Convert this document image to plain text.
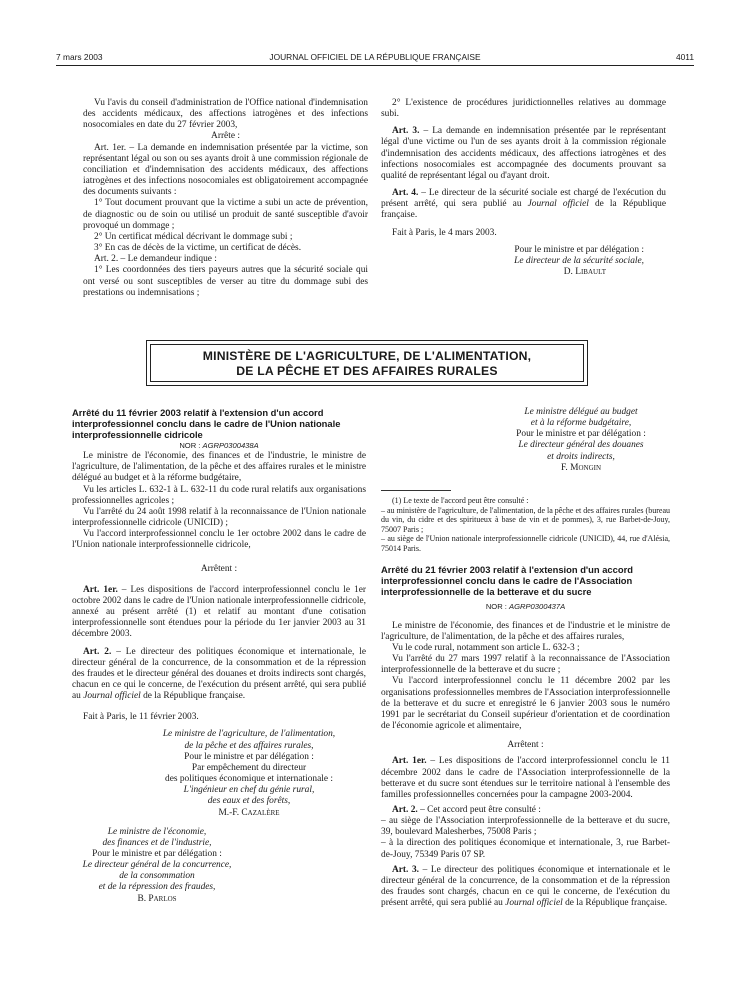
7 mars 2003	JOURNAL OFFICIEL DE LA RÉPUBLIQUE FRANÇAISE	4011

Vu l'avis du conseil d'administration de l'Office national d'indemnisation des accidents médicaux, des affections iatrogènes et des infections nosocomiales en date du 27 février 2003,

Arrête :

Art. 1er. – La demande en indemnisation présentée par la victime, son représentant légal ou son ou ses ayants droit à une commission régionale de conciliation et d'indemnisation des accidents médicaux, des affections iatrogènes et des infections nosocomiales est obligatoirement accompagnée des documents suivants :

1° Tout document prouvant que la victime a subi un acte de prévention, de diagnostic ou de soin ou utilisé un produit de santé susceptible d'avoir provoqué un dommage ;

2° Un certificat médical décrivant le dommage subi ;

3° En cas de décès de la victime, un certificat de décès.

Art. 2. – Le demandeur indique :

1° Les coordonnées des tiers payeurs autres que la sécurité sociale qui ont versé ou sont susceptibles de verser au titre du dommage subi des prestations ou indemnisations ;

2° L'existence de procédures juridictionnelles relatives au dommage subi.

Art. 3. – La demande en indemnisation présentée par le représentant légal d'une victime ou l'un de ses ayants droit à la commission régionale d'indemnisation des accidents médicaux, des affections iatrogènes et des infections nosocomiales est accompagnée des documents prouvant sa qualité de représentant légal ou d'ayant droit.

Art. 4. – Le directeur de la sécurité sociale est chargé de l'exécution du présent arrêté, qui sera publié au Journal officiel de la République française.

Fait à Paris, le 4 mars 2003.

Pour le ministre et par délégation :

Le directeur de la sécurité sociale,

D. Libault

MINISTÈRE DE L'AGRICULTURE, DE L'ALIMENTATION,
DE LA PÊCHE ET DES AFFAIRES RURALES

Arrêté du 11 février 2003 relatif à l'extension d'un accord interprofessionnel conclu dans le cadre de l'Union nationale interprofessionnelle cidricole

NOR : AGRP0300438A

Le ministre de l'économie, des finances et de l'industrie, le ministre de l'agriculture, de l'alimentation, de la pêche et des affaires rurales et le ministre délégué au budget et à la réforme budgétaire,

Vu les articles L. 632-1 à L. 632-11 du code rural relatifs aux organisations professionnelles agricoles ;

Vu l'arrêté du 24 août 1998 relatif à la reconnaissance de l'Union nationale interprofessionnelle cidricole (UNICID) ;

Vu l'accord interprofessionnel conclu le 1er octobre 2002 dans le cadre de l'Union nationale interprofessionnelle cidricole,

Arrêtent :

Art. 1er. – Les dispositions de l'accord interprofessionnel conclu le 1er octobre 2002 dans le cadre de l'Union nationale interprofessionnelle cidricole, annexé au présent arrêté (1) et relatif au montant d'une cotisation interprofessionnelle sont étendues pour la période du 1er janvier 2003 au 31 décembre 2003.

Art. 2. – Le directeur des politiques économique et internationale, le directeur général de la concurrence, de la consommation et de la répression des fraudes et le directeur général des douanes et droits indirects sont chargés, chacun en ce qui le concerne, de l'exécution du présent arrêté, qui sera publié au Journal officiel de la République française.

Fait à Paris, le 11 février 2003.

Le ministre de l'agriculture, de l'alimentation,

de la pêche et des affaires rurales,

Pour le ministre et par délégation :

Par empêchement du directeur

des politiques économique et internationale :

L'ingénieur en chef du génie rural,

des eaux et des forêts,

M.-F. Cazalère

Le ministre de l'économie,

des finances et de l'industrie,

Pour le ministre et par délégation :

Le directeur général de la concurrence,

de la consommation

et de la répression des fraudes,

B. Parlos

Le ministre délégué au budget

et à la réforme budgétaire,

Pour le ministre et par délégation :

Le directeur général des douanes

et droits indirects,

F. Mongin

(1) Le texte de l'accord peut être consulté :

– au ministère de l'agriculture, de l'alimentation, de la pêche et des affaires rurales (bureau du vin, du cidre et des spiritueux à base de vin et de pommes), 3, rue Barbet-de-Jouy, 75007 Paris ;

– au siège de l'Union nationale interprofessionnelle cidricole (UNICID), 44, rue d'Alésia, 75014 Paris.

Arrêté du 21 février 2003 relatif à l'extension d'un accord interprofessionnel conclu dans le cadre de l'Association interprofessionnelle de la betterave et du sucre

NOR : AGRP0300437A

Le ministre de l'économie, des finances et de l'industrie et le ministre de l'agriculture, de l'alimentation, de la pêche et des affaires rurales,

Vu le code rural, notamment son article L. 632-3 ;

Vu l'arrêté du 27 mars 1997 relatif à la reconnaissance de l'Association interprofessionnelle de la betterave et du sucre ;

Vu l'accord interprofessionnel conclu le 11 décembre 2002 par les organisations professionnelles membres de l'Association interprofessionnelle de la betterave et du sucre et enregistré le 6 janvier 2003 sous le numéro 1991 par le secrétariat du Conseil supérieur d'orientation et de coordination de l'économie agricole et alimentaire,

Arrêtent :

Art. 1er. – Les dispositions de l'accord interprofessionnel conclu le 11 décembre 2002 dans le cadre de l'Association interprofessionnelle de la betterave et du sucre sont étendues sur le territoire national à l'ensemble des familles professionnelles concernées pour la campagne 2003-2004.

Art. 2. – Cet accord peut être consulté :

– au siège de l'Association interprofessionnelle de la betterave et du sucre, 39, boulevard Malesherbes, 75008 Paris ;

– à la direction des politiques économique et internationale, 3, rue Barbet-de-Jouy, 75349 Paris 07 SP.

Art. 3. – Le directeur des politiques économique et internationale et le directeur général de la concurrence, de la consommation et de la répression des fraudes sont chargés, chacun en ce qui le concerne, de l'exécution du présent arrêté, qui sera publié au Journal officiel de la République française.
